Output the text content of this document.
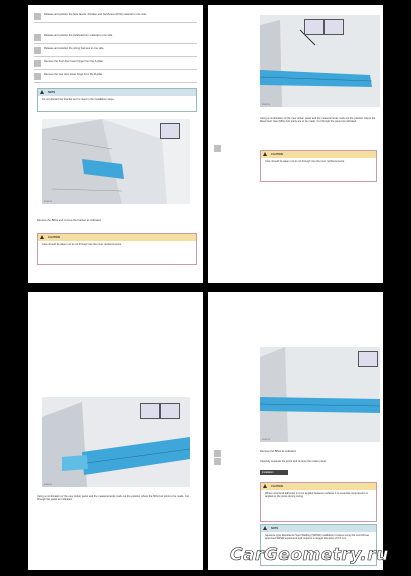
Release and position the floor fascia, vibration and harshness (NVH) material to one side.
Release and position the bulkhead trim material to one side.
Release and position the wiring harness to one side.
Remove the front door lower hinge from the A-pillar.
Remove the rear door lower hinge from the B-pillar.
NOTE
Do not discard the bracket as it is used in the installation steps.
E166573
Remove the BPAs and remove the bracket as indicated.
CAUTION
Care should be taken not to cut through into the inner reinforcements.
E166574
Using a combination of the new rocker panel and the measurements mark out the position where the Metal Inert Gas (MIG) butt joints are to be made. Cut through the panel as indicated.
CAUTION
Care should be taken not to cut through into the inner reinforcements.
E166575
Using a combination of the new rocker panel and the measurements mark out the position where the MIG butt joints to be made. Cut through the panel as indicated.
E166576
Remove the BPAs as indicated.
Carefully separate the joints and remove the rocker panel.
Installation
CAUTION
Where structural adhesive is to be applied between surfaces it is essential compression is applied to the joints during curing.
NOTE
Squeeze-type Resistance Spot Welding (SRSW) installation involves using the Lond Rover approved SRSW equipment and requires a nugget diameter of 6.5 mm.
CarGeometry.ru
